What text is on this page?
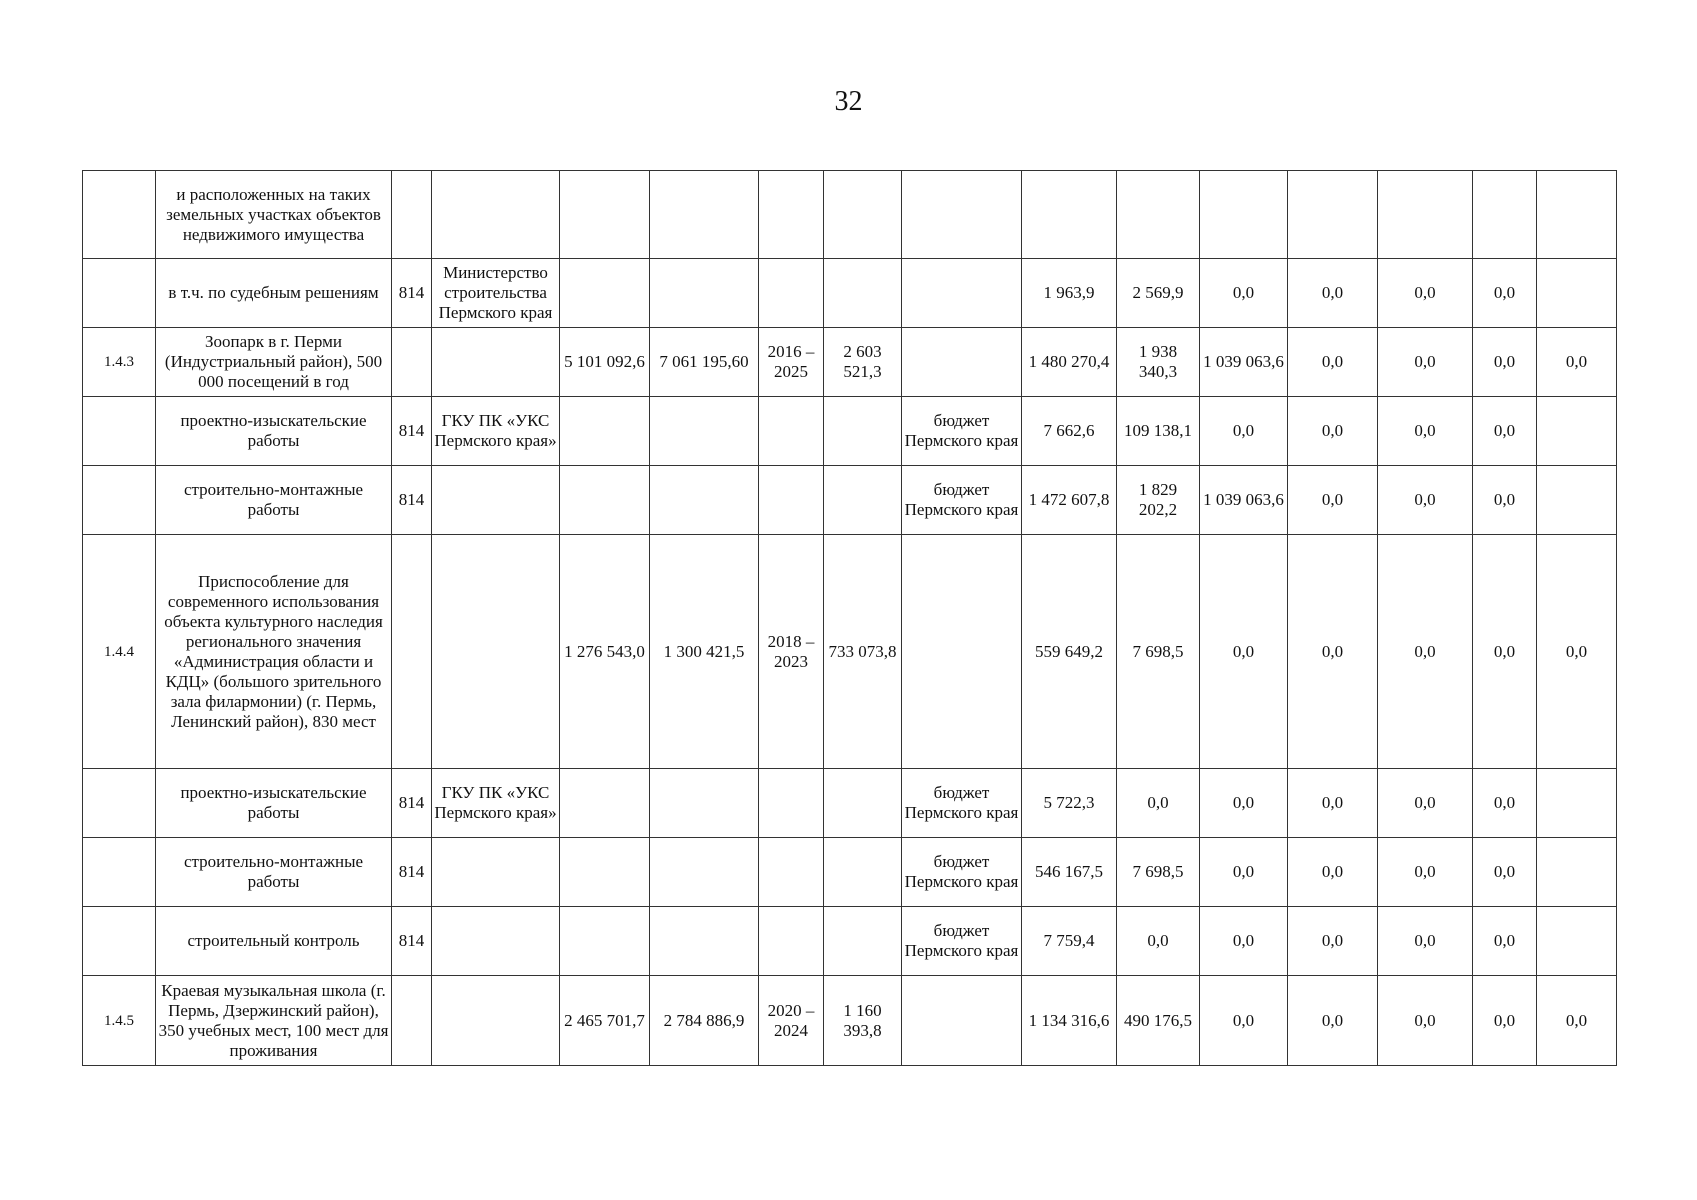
32
	и расположенных на таких земельных участках объектов недвижимого имущества														
	в т.ч. по судебным решениям	814	Министерство строительства Пермского края						1 963,9	2 569,9	0,0	0,0	0,0	0,0	
1.4.3	Зоопарк в г. Перми (Индустриальный район), 500 000 посещений в год			5 101 092,6	7 061 195,60	2016 – 2025	2 603 521,3		1 480 270,4	1 938 340,3	1 039 063,6	0,0	0,0	0,0	0,0
	проектно-изыскательские работы	814	ГКУ ПК «УКС Пермского края»					бюджет Пермского края	7 662,6	109 138,1	0,0	0,0	0,0	0,0	
	строительно-монтажные работы	814						бюджет Пермского края	1 472 607,8	1 829 202,2	1 039 063,6	0,0	0,0	0,0	
1.4.4	Приспособление для современного использования объекта культурного наследия регионального значения «Администрация области и КДЦ» (большого зрительного зала филармонии) (г. Пермь, Ленинский район), 830 мест			1 276 543,0	1 300 421,5	2018 – 2023	733 073,8		559 649,2	7 698,5	0,0	0,0	0,0	0,0	0,0
	проектно-изыскательские работы	814	ГКУ ПК «УКС Пермского края»					бюджет Пермского края	5 722,3	0,0	0,0	0,0	0,0	0,0	
	строительно-монтажные работы	814						бюджет Пермского края	546 167,5	7 698,5	0,0	0,0	0,0	0,0	
	строительный контроль	814						бюджет Пермского края	7 759,4	0,0	0,0	0,0	0,0	0,0	
1.4.5	Краевая музыкальная школа (г. Пермь, Дзержинский район), 350 учебных мест, 100 мест для проживания			2 465 701,7	2 784 886,9	2020 – 2024	1 160 393,8		1 134 316,6	490 176,5	0,0	0,0	0,0	0,0	0,0
